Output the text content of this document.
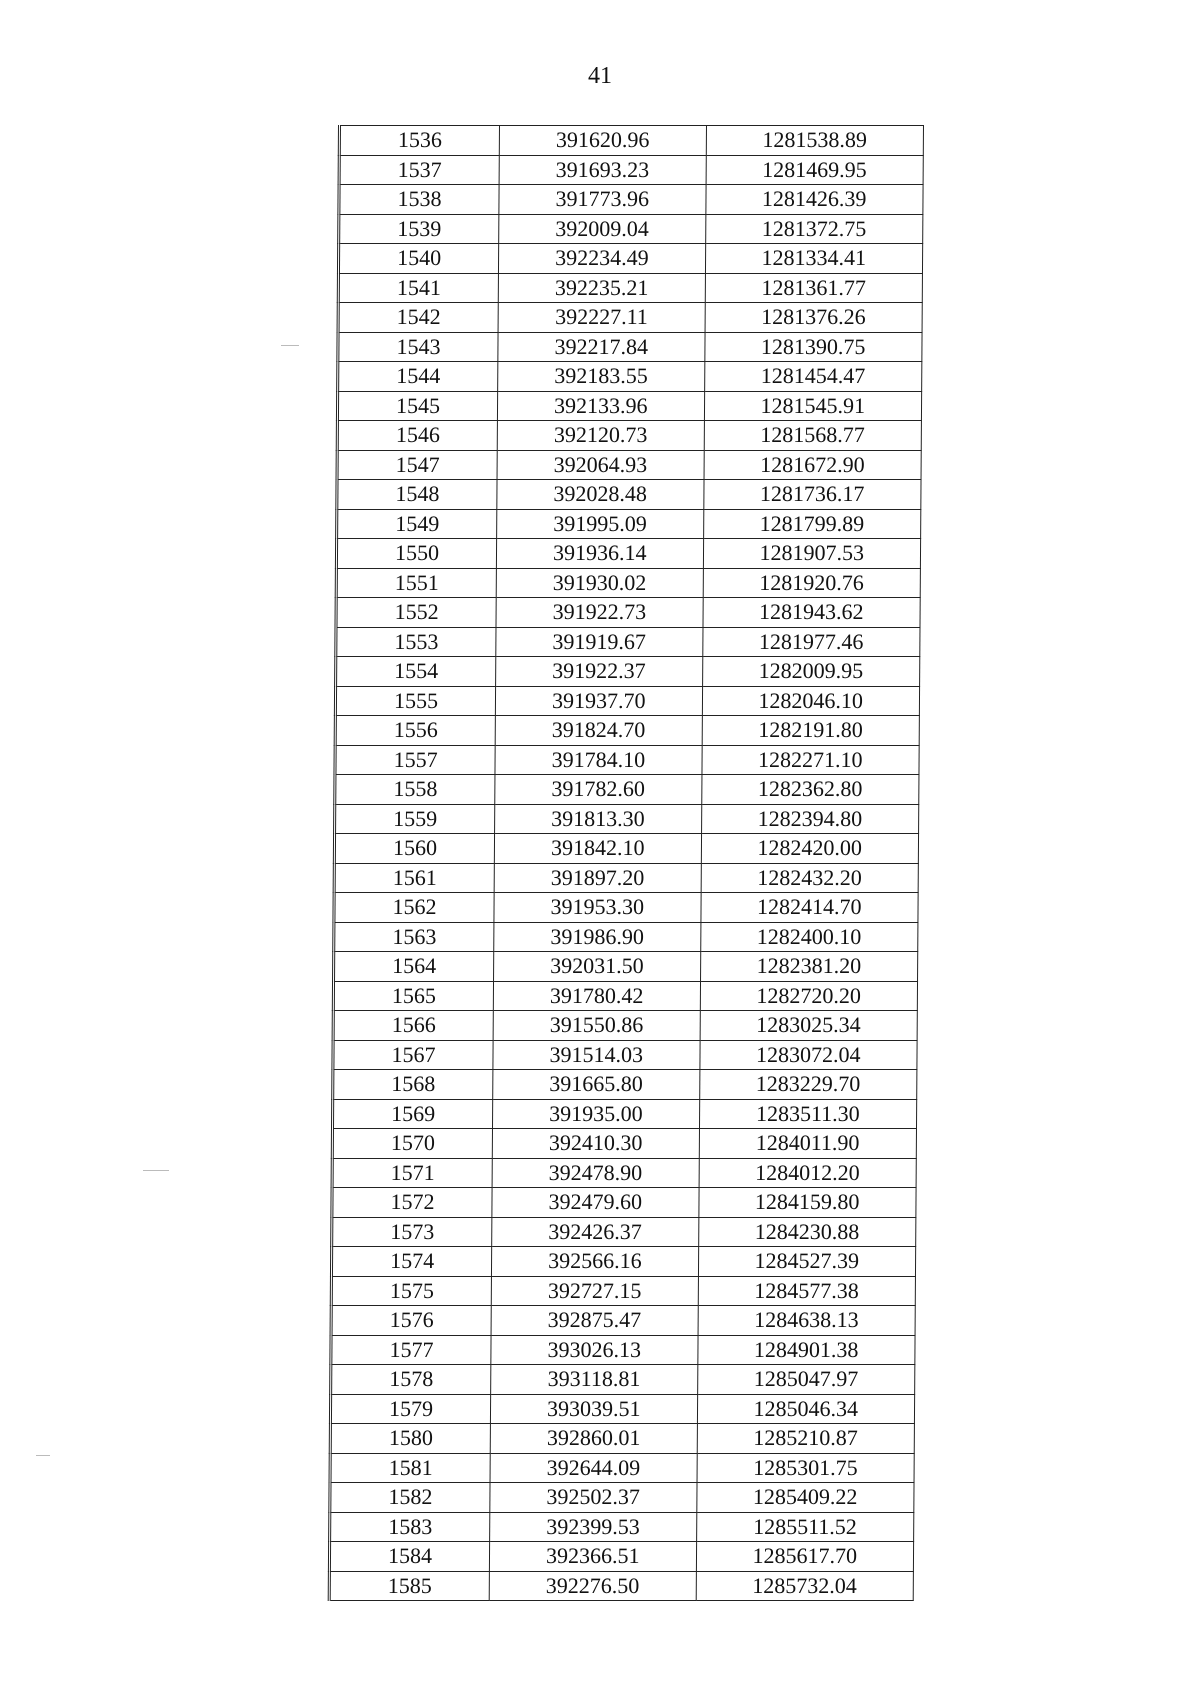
41
1536	391620.96	1281538.89
1537	391693.23	1281469.95
1538	391773.96	1281426.39
1539	392009.04	1281372.75
1540	392234.49	1281334.41
1541	392235.21	1281361.77
1542	392227.11	1281376.26
1543	392217.84	1281390.75
1544	392183.55	1281454.47
1545	392133.96	1281545.91
1546	392120.73	1281568.77
1547	392064.93	1281672.90
1548	392028.48	1281736.17
1549	391995.09	1281799.89
1550	391936.14	1281907.53
1551	391930.02	1281920.76
1552	391922.73	1281943.62
1553	391919.67	1281977.46
1554	391922.37	1282009.95
1555	391937.70	1282046.10
1556	391824.70	1282191.80
1557	391784.10	1282271.10
1558	391782.60	1282362.80
1559	391813.30	1282394.80
1560	391842.10	1282420.00
1561	391897.20	1282432.20
1562	391953.30	1282414.70
1563	391986.90	1282400.10
1564	392031.50	1282381.20
1565	391780.42	1282720.20
1566	391550.86	1283025.34
1567	391514.03	1283072.04
1568	391665.80	1283229.70
1569	391935.00	1283511.30
1570	392410.30	1284011.90
1571	392478.90	1284012.20
1572	392479.60	1284159.80
1573	392426.37	1284230.88
1574	392566.16	1284527.39
1575	392727.15	1284577.38
1576	392875.47	1284638.13
1577	393026.13	1284901.38
1578	393118.81	1285047.97
1579	393039.51	1285046.34
1580	392860.01	1285210.87
1581	392644.09	1285301.75
1582	392502.37	1285409.22
1583	392399.53	1285511.52
1584	392366.51	1285617.70
1585	392276.50	1285732.04
